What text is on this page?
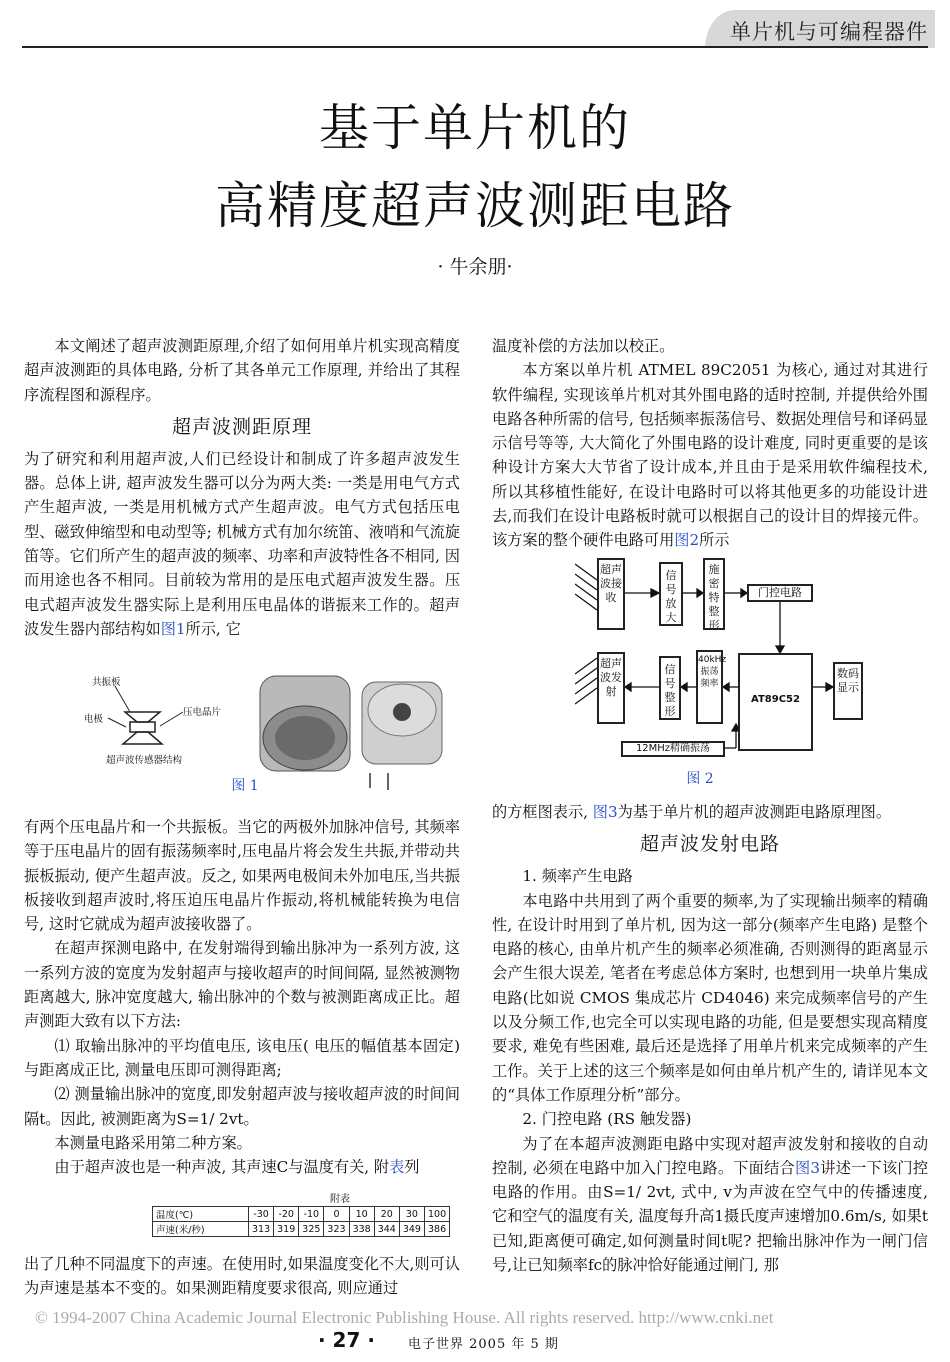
单片机与可编程器件
基于单片机的
高精度超声波测距电路
· 牛余朋·

本文阐述了超声波测距原理,介绍了如何用单片机实现高精度超声波测距的具体电路, 分析了其各单元工作原理, 并给出了其程序流程图和源程序。

超声波测距原理

为了研究和利用超声波,人们已经设计和制成了许多超声波发生器。总体上讲, 超声波发生器可以分为两大类: 一类是用电气方式产生超声波, 一类是用机械方式产生超声波。电气方式包括压电型、磁致伸缩型和电动型等; 机械方式有加尔统笛、液哨和气流旋笛等。它们所产生的超声波的频率、功率和声波特性各不相同, 因而用途也各不相同。目前较为常用的是压电式超声波发生器。压电式超声波发生器实际上是利用压电晶体的谐振来工作的。超声波发生器内部结构如

图1所示, 它
共振板
电极
压电晶片
超声波传感器结构
图 1

有两个压电晶片和一个共振板。当它的两极外加脉冲信号, 其频率等于压电晶片的固有振荡频率时,压电晶片将会发生共振,并带动共振板振动, 便产生超声波。反之, 如果两电极间未外加电压,当共振板接收到超声波时,将压迫压电晶片作振动,将机械能转换为电信号, 这时它就成为超声波接收器了。

在超声探测电路中, 在发射端得到输出脉冲为一系列方波, 这一系列方波的宽度为发射超声与接收超声的时间间隔, 显然被测物距离越大, 脉冲宽度越大, 输出脉冲的个数与被测距离成正比。超声测距大致有以下方法:

⑴ 取输出脉冲的平均值电压, 该电压( 电压的幅值基本固定) 与距离成正比, 测量电压即可测得距离;

⑵ 测量输出脉冲的宽度,即发射超声波与接收超声波的时间间隔t。因此, 被测距离为S=1/ 2vt。

本测量电路采用第二种方案。

由于超声波也是一种声波, 其声速C与温度有关, 附表列

附表
温度(℃)	-30	-20	-10	0	10	20	30	100
声速(米/秒)	313	319	325	323	338	344	349	386

出了几种不同温度下的声速。在使用时,如果温度变化不大,则可认为声速是基本不变的。如果测距精度要求很高, 则应通过

温度补偿的方法加以校正。

本方案以单片机 ATMEL 89C2051 为核心, 通过对其进行软件编程, 实现该单片机对其外围电路的适时控制, 并提供给外围电路各种所需的信号, 包括频率振荡信号、数据处理信号和译码显示信号等等, 大大简化了外围电路的设计难度, 同时更重要的是该种设计方案大大节省了设计成本,并且由于是采用软件编程技术, 所以其移植性能好, 在设计电路时可以将其他更多的功能设计进去,而我们在设计电路板时就可以根据自己的设计目的焊接元件。该方案的整个硬件电路可用图2所示

超声波接收
信号放大
施密特整形
门控电路
超声波发射
信号整形
40kHz振荡频率
AT89C52
数码显示
12MHz精确振荡
图 2

的方框图表示, 图3为基于单片机的超声波测距电路原理图。

超声波发射电路

1. 频率产生电路

本电路中共用到了两个重要的频率,为了实现输出频率的精确性, 在设计时用到了单片机, 因为这一部分(频率产生电路) 是整个电路的核心, 由单片机产生的频率必须准确, 否则测得的距离显示会产生很大误差, 笔者在考虑总体方案时, 也想到用一块单片集成电路(比如说 CMOS 集成芯片 CD4046) 来完成频率信号的产生以及分频工作,也完全可以实现电路的功能, 但是要想实现高精度要求, 难免有些困难, 最后还是选择了用单片机来完成频率的产生工作。关于上述的这三个频率是如何由单片机产生的, 请详见本文的“具体工作原理分析”部分。

2. 门控电路 (RS 触发器)

为了在本超声波测距电路中实现对超声波发射和接收的自动控制, 必须在电路中加入门控电路。下面结合图3讲述一下该门控电路的作用。由S=1/ 2vt, 式中, v为声波在空气中的传播速度, 它和空气的温度有关, 温度每升高1摄氏度声速增加0.6m/s, 如果t已知,距离便可确定,如何测量时间t呢? 把输出脉冲作为一闸门信号,让已知频率fc的脉冲恰好能通过闸门, 那

© 1994-2007 China Academic Journal Electronic Publishing House. All rights reserved. http://www.cnki.net
· 27 ·	电子世界 2005 年 5 期
